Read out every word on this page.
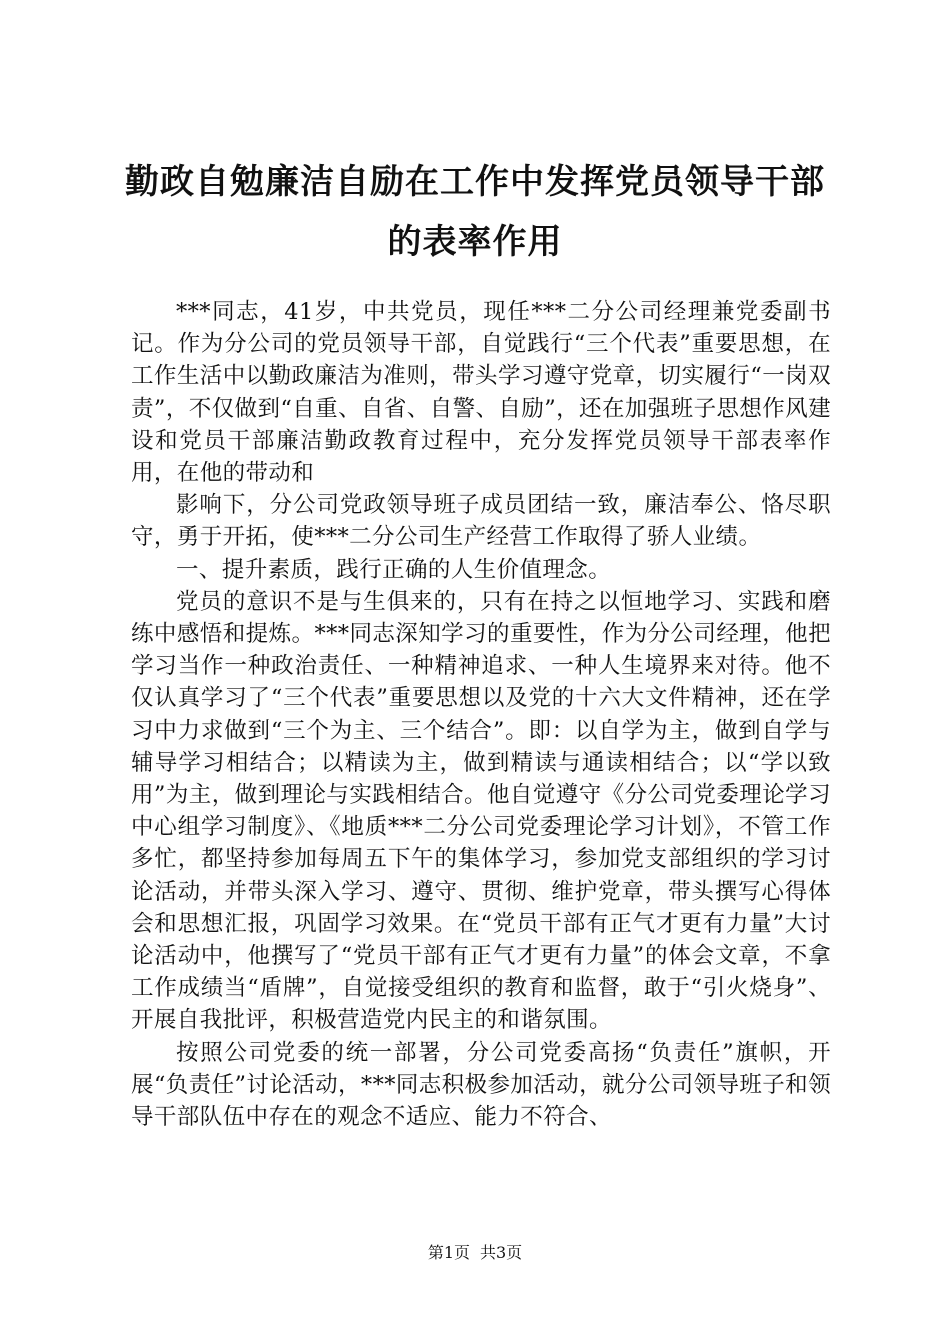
勤政自勉廉洁自励在工作中发挥党员领导干部
的表率作用

***同志，41岁，中共党员，现任***二分公司经理兼党委副书记。作为分公司的党员领导干部，自觉践行“三个代表”重要思想，在工作生活中以勤政廉洁为准则，带头学习遵守党章，切实履行“一岗双责”，不仅做到“自重、自省、自警、自励”，还在加强班子思想作风建设和党员干部廉洁勤政教育过程中，充分发挥党员领导干部表率作用，在他的带动和

影响下，分公司党政领导班子成员团结一致，廉洁奉公、恪尽职守，勇于开拓，使***二分公司生产经营工作取得了骄人业绩。

一、提升素质，践行正确的人生价值理念。

党员的意识不是与生俱来的，只有在持之以恒地学习、实践和磨练中感悟和提炼。***同志深知学习的重要性，作为分公司经理，他把学习当作一种政治责任、一种精神追求、一种人生境界来对待。他不仅认真学习了“三个代表”重要思想以及党的十六大文件精神，还在学习中力求做到“三个为主、三个结合”。即：以自学为主，做到自学与辅导学习相结合；以精读为主，做到精读与通读相结合；以“学以致用”为主，做到理论与实践相结合。他自觉遵守《分公司党委理论学习中心组学习制度》、《地质***二分公司党委理论学习计划》，不管工作多忙，都坚持参加每周五下午的集体学习，参加党支部组织的学习讨论活动，并带头深入学习、遵守、贯彻、维护党章，带头撰写心得体会和思想汇报，巩固学习效果。在“党员干部有正气才更有力量”大讨论活动中，他撰写了“党员干部有正气才更有力量”的体会文章，不拿工作成绩当“盾牌”，自觉接受组织的教育和监督，敢于“引火烧身”、开展自我批评，积极营造党内民主的和谐氛围。

按照公司党委的统一部署，分公司党委高扬“负责任”旗帜，开展“负责任”讨论活动，***同志积极参加活动，就分公司领导班子和领导干部队伍中存在的观念不适应、能力不符合、

第1页 共3页
